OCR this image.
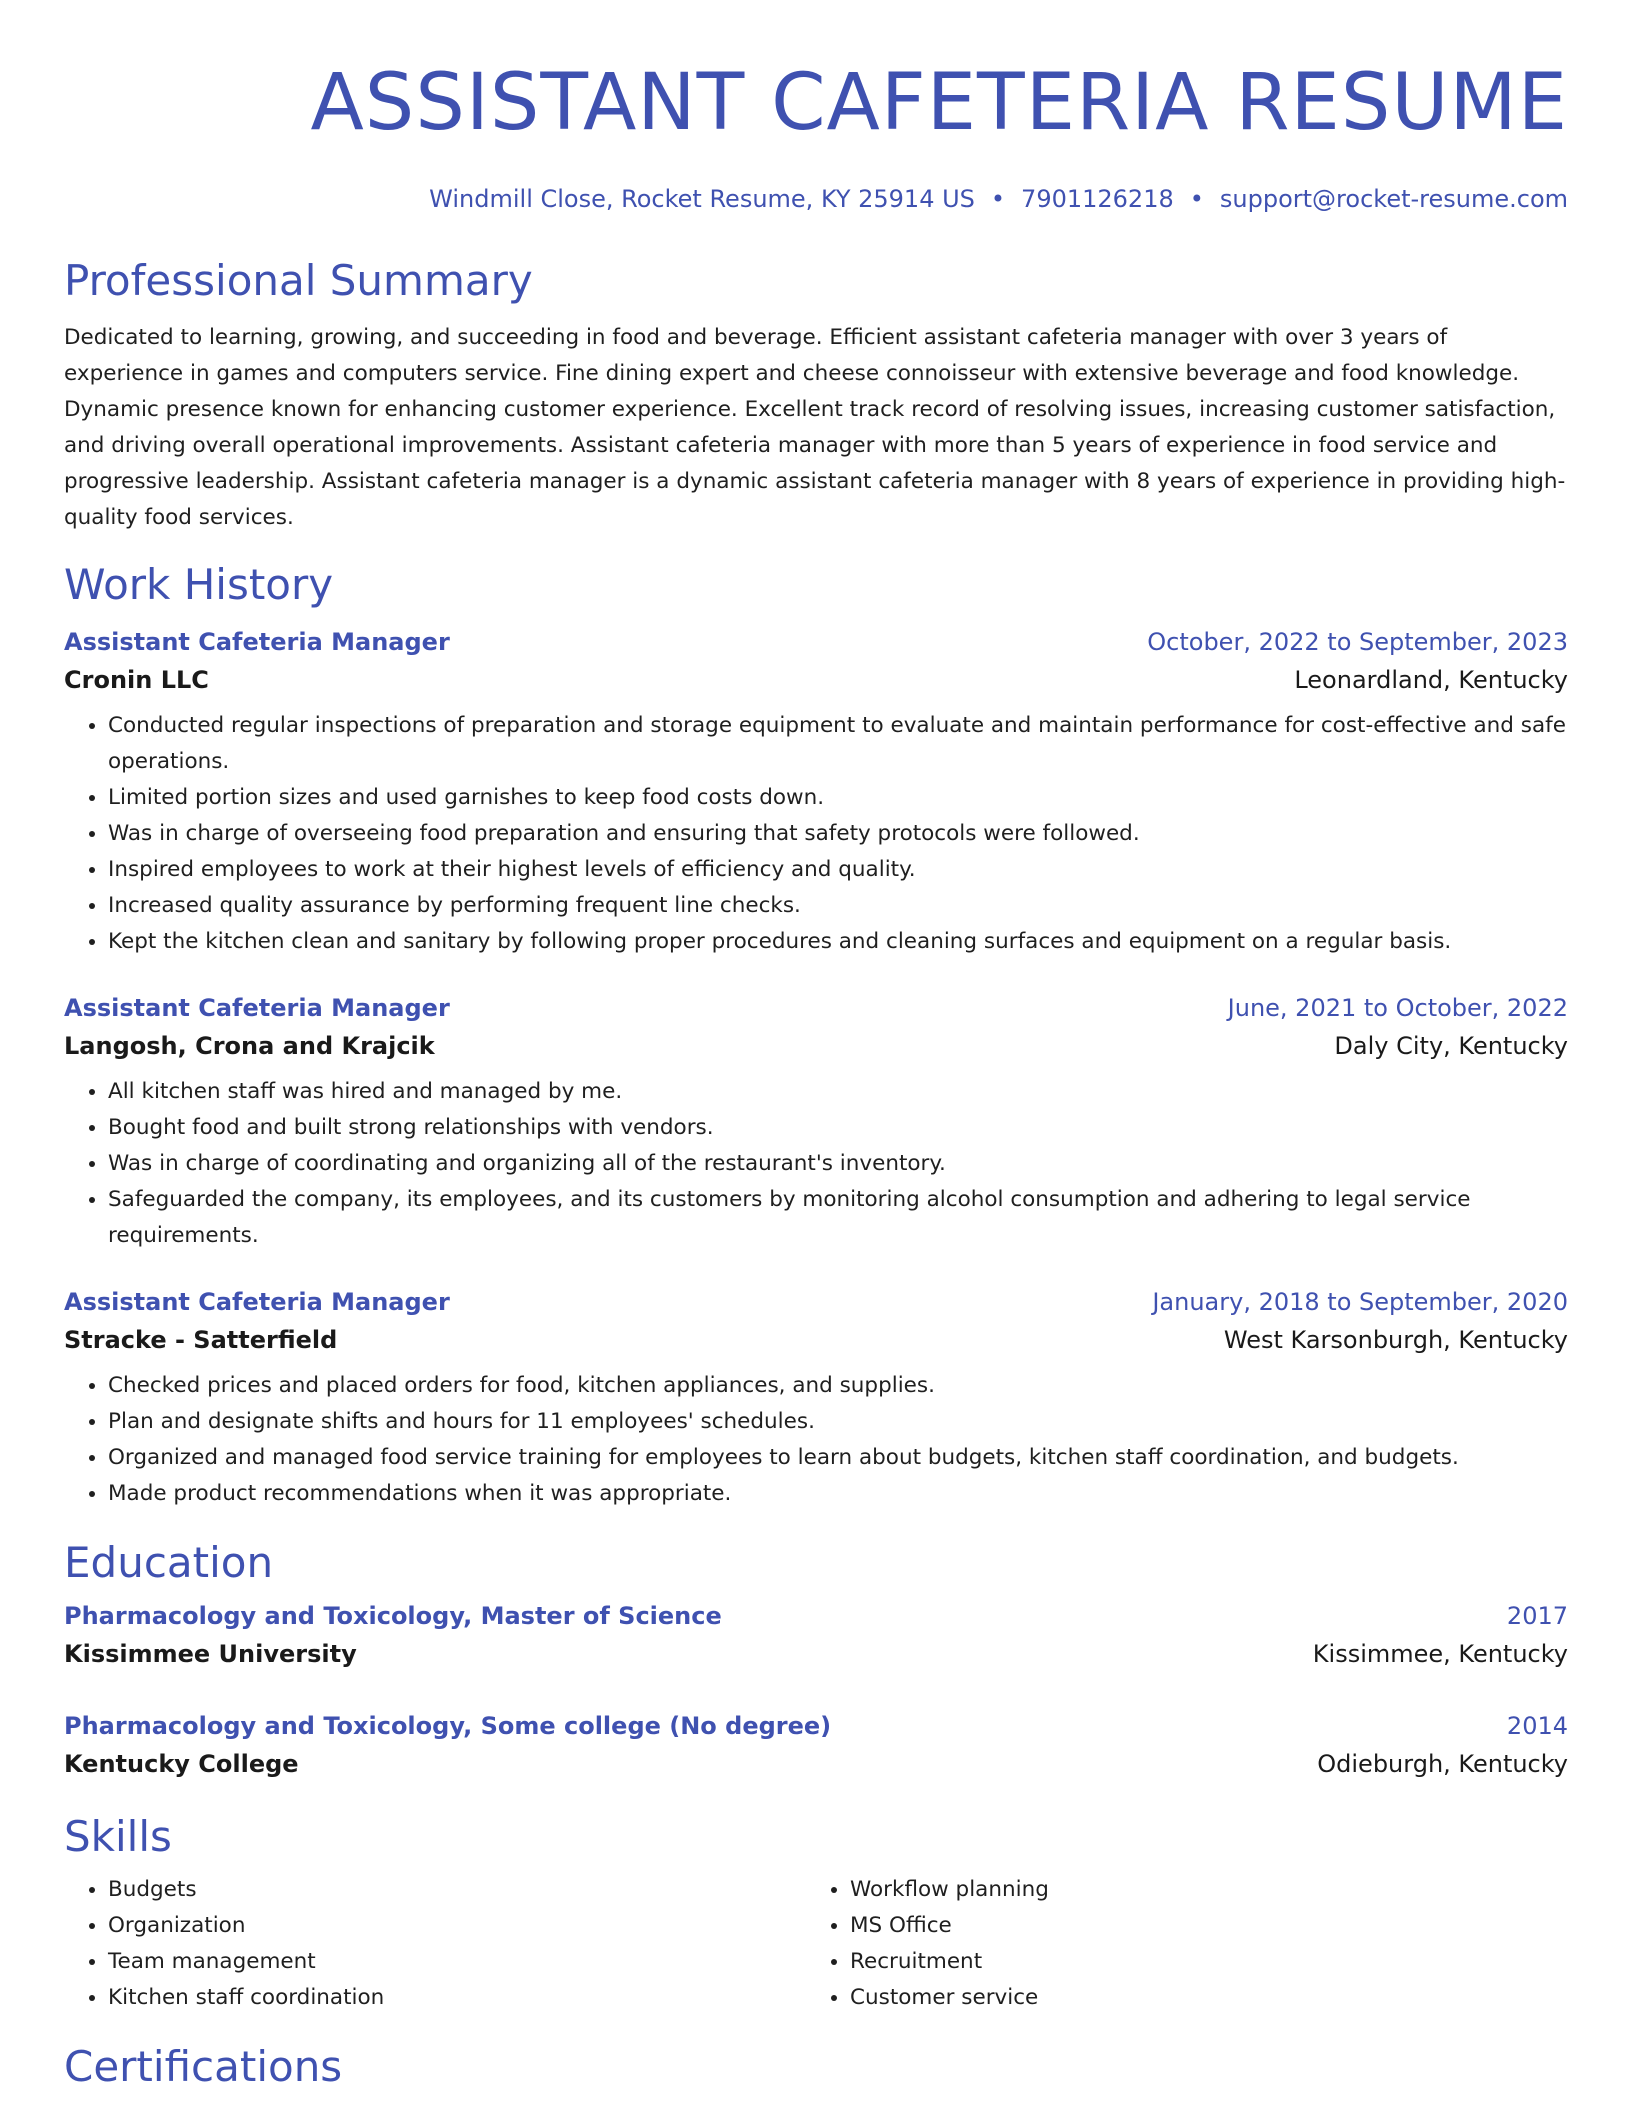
ASSISTANT CAFETERIA RESUME
Windmill Close, Rocket Resume, KY 25914 US • 7901126218 • support@rocket-resume.com
Professional Summary
Dedicated to learning, growing, and succeeding in food and beverage. Efficient assistant cafeteria manager with over 3 years of experience in games and computers service. Fine dining expert and cheese connoisseur with extensive beverage and food knowledge. Dynamic presence known for enhancing customer experience. Excellent track record of resolving issues, increasing customer satisfaction, and driving overall operational improvements. Assistant cafeteria manager with more than 5 years of experience in food service and progressive leadership. Assistant cafeteria manager is a dynamic assistant cafeteria manager with 8 years of experience in providing high-quality food services.
Work History
Assistant Cafeteria Manager	October, 2022 to September, 2023
Cronin LLC	Leonardland, Kentucky
• Conducted regular inspections of preparation and storage equipment to evaluate and maintain performance for cost-effective and safe operations.
• Limited portion sizes and used garnishes to keep food costs down.
• Was in charge of overseeing food preparation and ensuring that safety protocols were followed.
• Inspired employees to work at their highest levels of efficiency and quality.
• Increased quality assurance by performing frequent line checks.
• Kept the kitchen clean and sanitary by following proper procedures and cleaning surfaces and equipment on a regular basis.
Assistant Cafeteria Manager	June, 2021 to October, 2022
Langosh, Crona and Krajcik	Daly City, Kentucky
• All kitchen staff was hired and managed by me.
• Bought food and built strong relationships with vendors.
• Was in charge of coordinating and organizing all of the restaurant's inventory.
• Safeguarded the company, its employees, and its customers by monitoring alcohol consumption and adhering to legal service requirements.
Assistant Cafeteria Manager	January, 2018 to September, 2020
Stracke - Satterfield	West Karsonburgh, Kentucky
• Checked prices and placed orders for food, kitchen appliances, and supplies.
• Plan and designate shifts and hours for 11 employees' schedules.
• Organized and managed food service training for employees to learn about budgets, kitchen staff coordination, and budgets.
• Made product recommendations when it was appropriate.
Education
Pharmacology and Toxicology, Master of Science	2017
Kissimmee University	Kissimmee, Kentucky
Pharmacology and Toxicology, Some college (No degree)	2014
Kentucky College	Odieburgh, Kentucky
Skills
• Budgets
• Organization
• Team management
• Kitchen staff coordination
• Workflow planning
• MS Office
• Recruitment
• Customer service
Certifications
